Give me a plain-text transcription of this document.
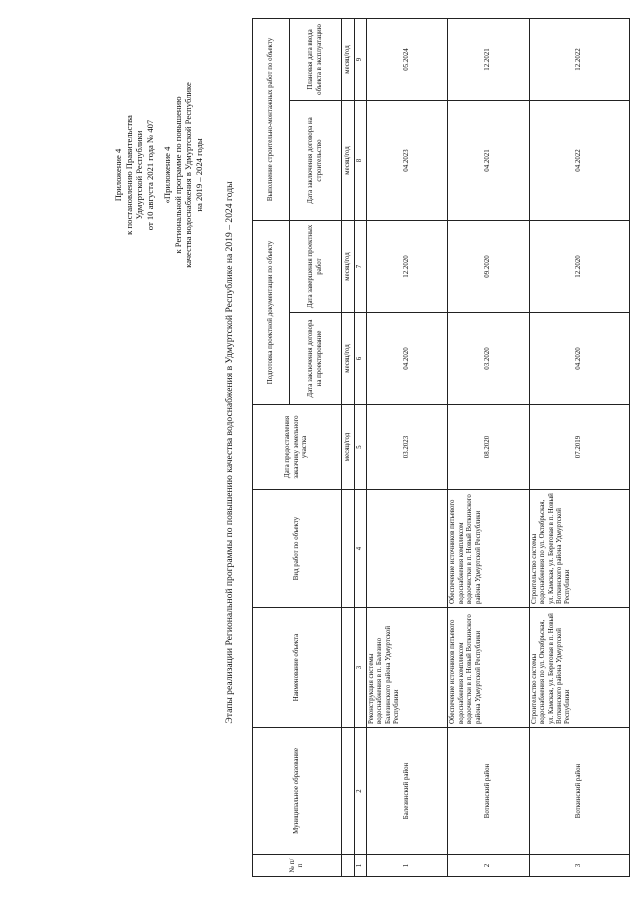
Приложение 4 к постановлению Правительства Удмуртской Республики от 10 августа 2021 года № 407 «Приложение 4 к Региональной программе по повышению качества водоснабжения в Удмуртской Республике на 2019 – 2024 годы
Этапы реализации Региональной программы по повышению качества водоснабжения в Удмуртской Республике на 2019 – 2024 годы
№ п/п	Муниципальное образование	Наименование объекта	Вид работ по объекту	Дата предоставления заказчику земельного участка	Подготовка проектной документации по объекту		Выполнение строительно-монтажных работ по объекту	
					Дата заключения договора на проектирование	Дата завершения проектных работ	Дата заключения договора на строительство	Плановая дата ввода объекта в эксплуатацию
				месяц/год	месяц/год	месяц/год	месяц/год	месяц/год
1	2	3	4	5	6	7	8	9
1	Балезинский район	Реконструкция системы водоснабжения в п. Балезино Балезинского района Удмуртской Республики		03.2023	04.2020	12.2020	04.2023	05.2024
2	Воткинский район	Обеспечение источников питьевого водоснабжения комплексом водоочистки в п. Новый Воткинского района Удмуртской Республики	Обеспечение источников питьевого водоснабжения комплексом водоочистки в п. Новый Воткинского района Удмуртской Республики	08.2020	03.2020	09.2020	04.2021	12.2021
3	Воткинский район	Строительство системы водоснабжения по ул. Октябрьская, ул. Камская, ул. Береговая в п. Новый Воткинского района Удмуртской Республики	Строительство системы водоснабжения по ул. Октябрьская, ул. Камская, ул. Береговая в п. Новый Воткинского района Удмуртской Республики	07.2019	04.2020	12.2020	04.2022	12.2022
